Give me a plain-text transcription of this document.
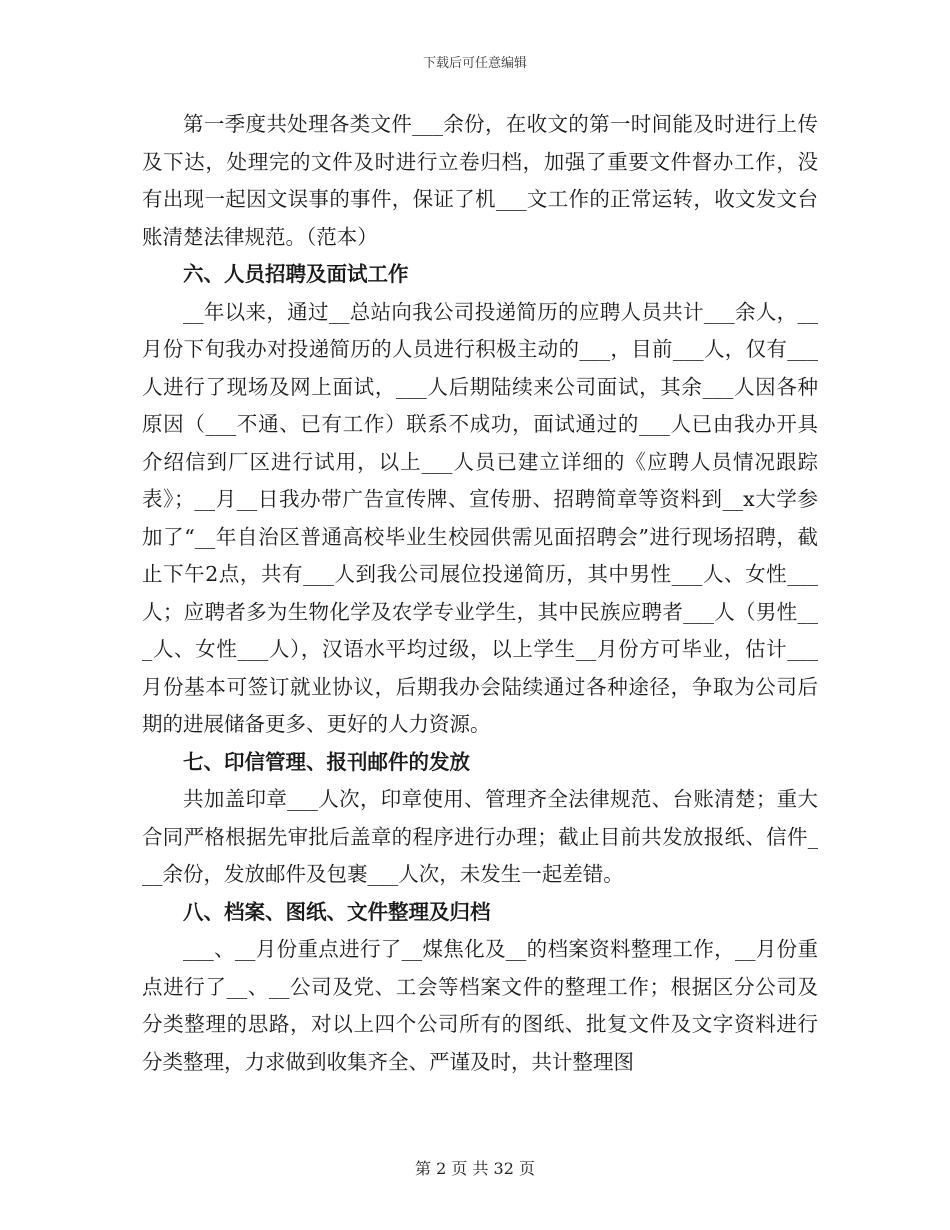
下载后可任意编辑

第一季度共处理各类文件___余份，在收文的第一时间能及时进行上传及下达，处理完的文件及时进行立卷归档，加强了重要文件督办工作，没有出现一起因文误事的事件，保证了机___文工作的正常运转，收文发文台账清楚法律规范。（范本）

六、人员招聘及面试工作

__年以来，通过__总站向我公司投递简历的应聘人员共计___余人，__月份下旬我办对投递简历的人员进行积极主动的___，目前___人，仅有___人进行了现场及网上面试，___人后期陆续来公司面试，其余___人因各种原因（___不通、已有工作）联系不成功，面试通过的___人已由我办开具介绍信到厂区进行试用，以上___人员已建立详细的《应聘人员情况跟踪表》；__月__日我办带广告宣传牌、宣传册、招聘简章等资料到__x大学参加了“__年自治区普通高校毕业生校园供需见面招聘会”进行现场招聘，截止下午2点，共有___人到我公司展位投递简历，其中男性___人、女性___人；应聘者多为生物化学及农学专业学生，其中民族应聘者___人（男性___人、女性___人），汉语水平均过级，以上学生__月份方可毕业，估计___月份基本可签订就业协议，后期我办会陆续通过各种途径，争取为公司后期的进展储备更多、更好的人力资源。

七、印信管理、报刊邮件的发放

共加盖印章___人次，印章使用、管理齐全法律规范、台账清楚；重大合同严格根据先审批后盖章的程序进行办理；截止目前共发放报纸、信件___余份，发放邮件及包裹___人次，未发生一起差错。

八、档案、图纸、文件整理及归档

___、__月份重点进行了__煤焦化及__的档案资料整理工作，__月份重点进行了__、__公司及党、工会等档案文件的整理工作；根据区分公司及分类整理的思路，对以上四个公司所有的图纸、批复文件及文字资料进行分类整理，力求做到收集齐全、严谨及时，共计整理图

第 2 页 共 32 页
